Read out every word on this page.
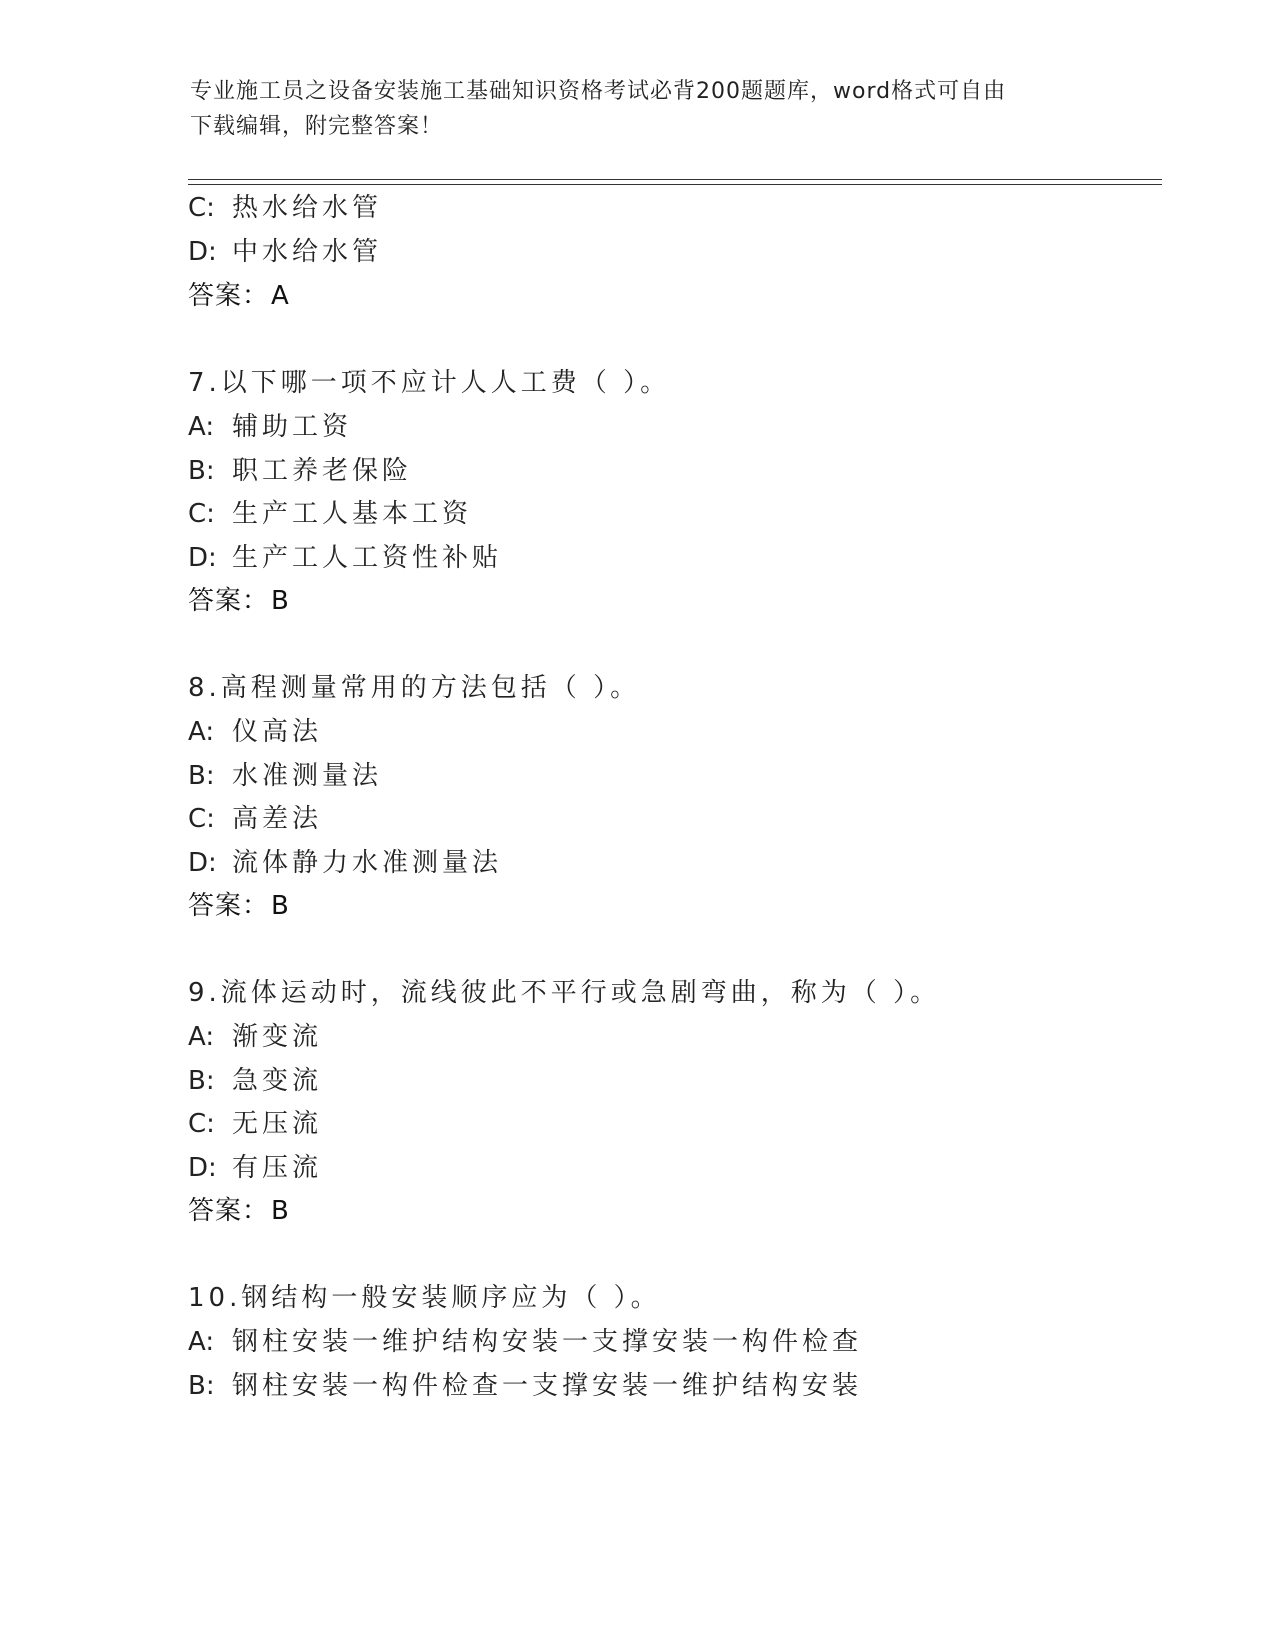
专业施工员之设备安装施工基础知识资格考试必背200题题库，word格式可自由
下载编辑，附完整答案！
C: 热水给水管
D: 中水给水管
答案：A
7.以下哪一项不应计人人工费（ ）。
A: 辅助工资
B: 职工养老保险
C: 生产工人基本工资
D: 生产工人工资性补贴
答案：B
8.高程测量常用的方法包括（ ）。
A: 仪高法
B: 水准测量法
C: 高差法
D: 流体静力水准测量法
答案：B
9.流体运动时，流线彼此不平行或急剧弯曲，称为（ ）。
A: 渐变流
B: 急变流
C: 无压流
D: 有压流
答案：B
10.钢结构一般安装顺序应为（ ）。
A: 钢柱安装一维护结构安装一支撑安装一构件检查
B: 钢柱安装一构件检查一支撑安装一维护结构安装
